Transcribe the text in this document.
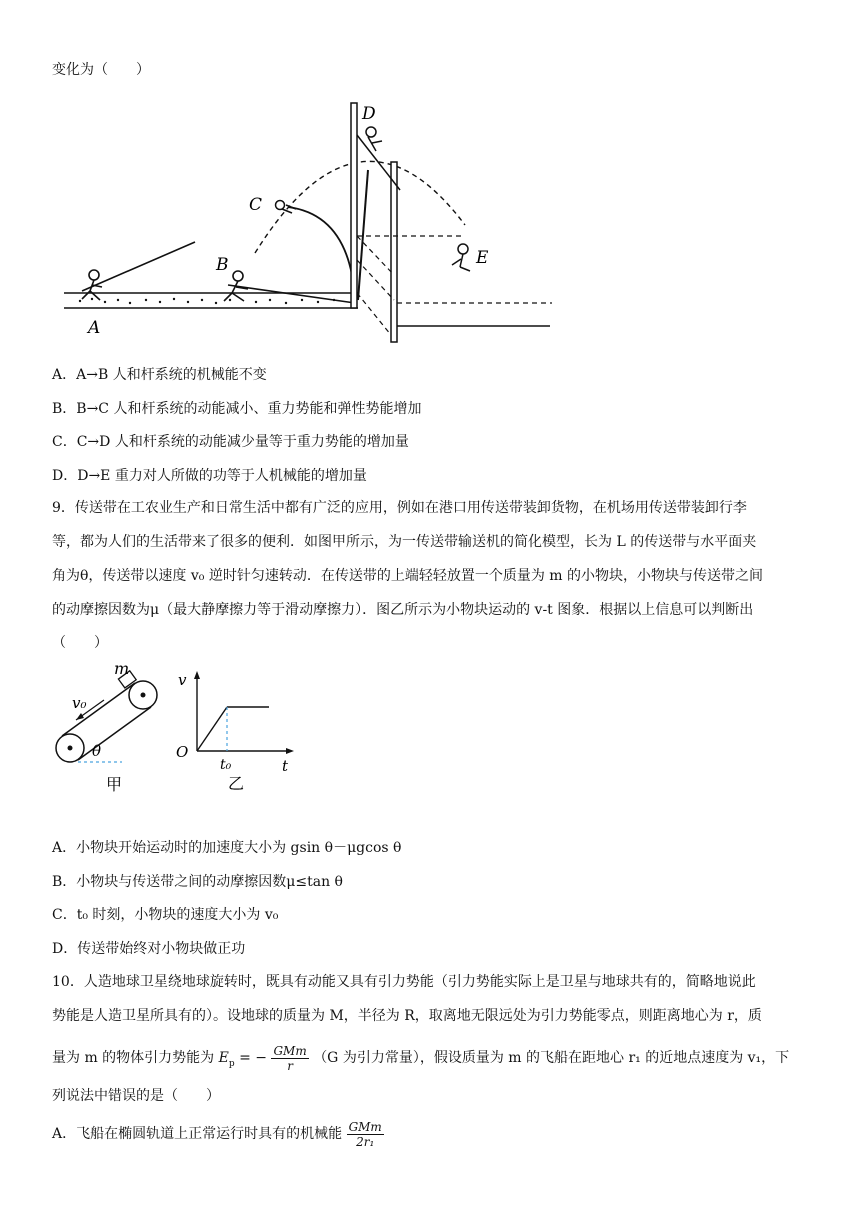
变化为（　　）
A
B
C
D
E
A．A→B 人和杆系统的机械能不变
B．B→C 人和杆系统的动能减小、重力势能和弹性势能增加
C．C→D 人和杆系统的动能减少量等于重力势能的增加量
D．D→E 重力对人所做的功等于人机械能的增加量
9．传送带在工农业生产和日常生活中都有广泛的应用，例如在港口用传送带装卸货物，在机场用传送带装卸行李
等，都为人们的生活带来了很多的便利．如图甲所示，为一传送带输送机的简化模型，长为 L 的传送带与水平面夹
角为θ，传送带以速度 v₀ 逆时针匀速转动．在传送带的上端轻轻放置一个质量为 m 的小物块，小物块与传送带之间
的动摩擦因数为μ（最大静摩擦力等于滑动摩擦力）．图乙所示为小物块运动的 v-t 图象．根据以上信息可以判断出
（　　）
m
v₀
θ
甲
v
O
t₀	t
乙
A．小物块开始运动时的加速度大小为 gsin θ－μgcos θ
B．小物块与传送带之间的动摩擦因数μ≤tan θ
C．t₀ 时刻，小物块的速度大小为 v₀
D．传送带始终对小物块做正功
10．人造地球卫星绕地球旋转时，既具有动能又具有引力势能（引力势能实际上是卫星与地球共有的，简略地说此
势能是人造卫星所具有的）。设地球的质量为 M，半径为 R，取离地无限远处为引力势能零点，则距离地心为 r，质
量为 m 的物体引力势能为 $E_p$ = − $\frac{\text{GMm}}{r} (G$ 为引力常量），假设质量为 m 的飞船在距地心 r₁ 的近地点速度为 v₁，下
列说法中错误的是（　　）
A．飞船在椭圆轨道上正常运行时具有的机械能 $\frac{\text{GMm}}{\text{2r₁}}$
